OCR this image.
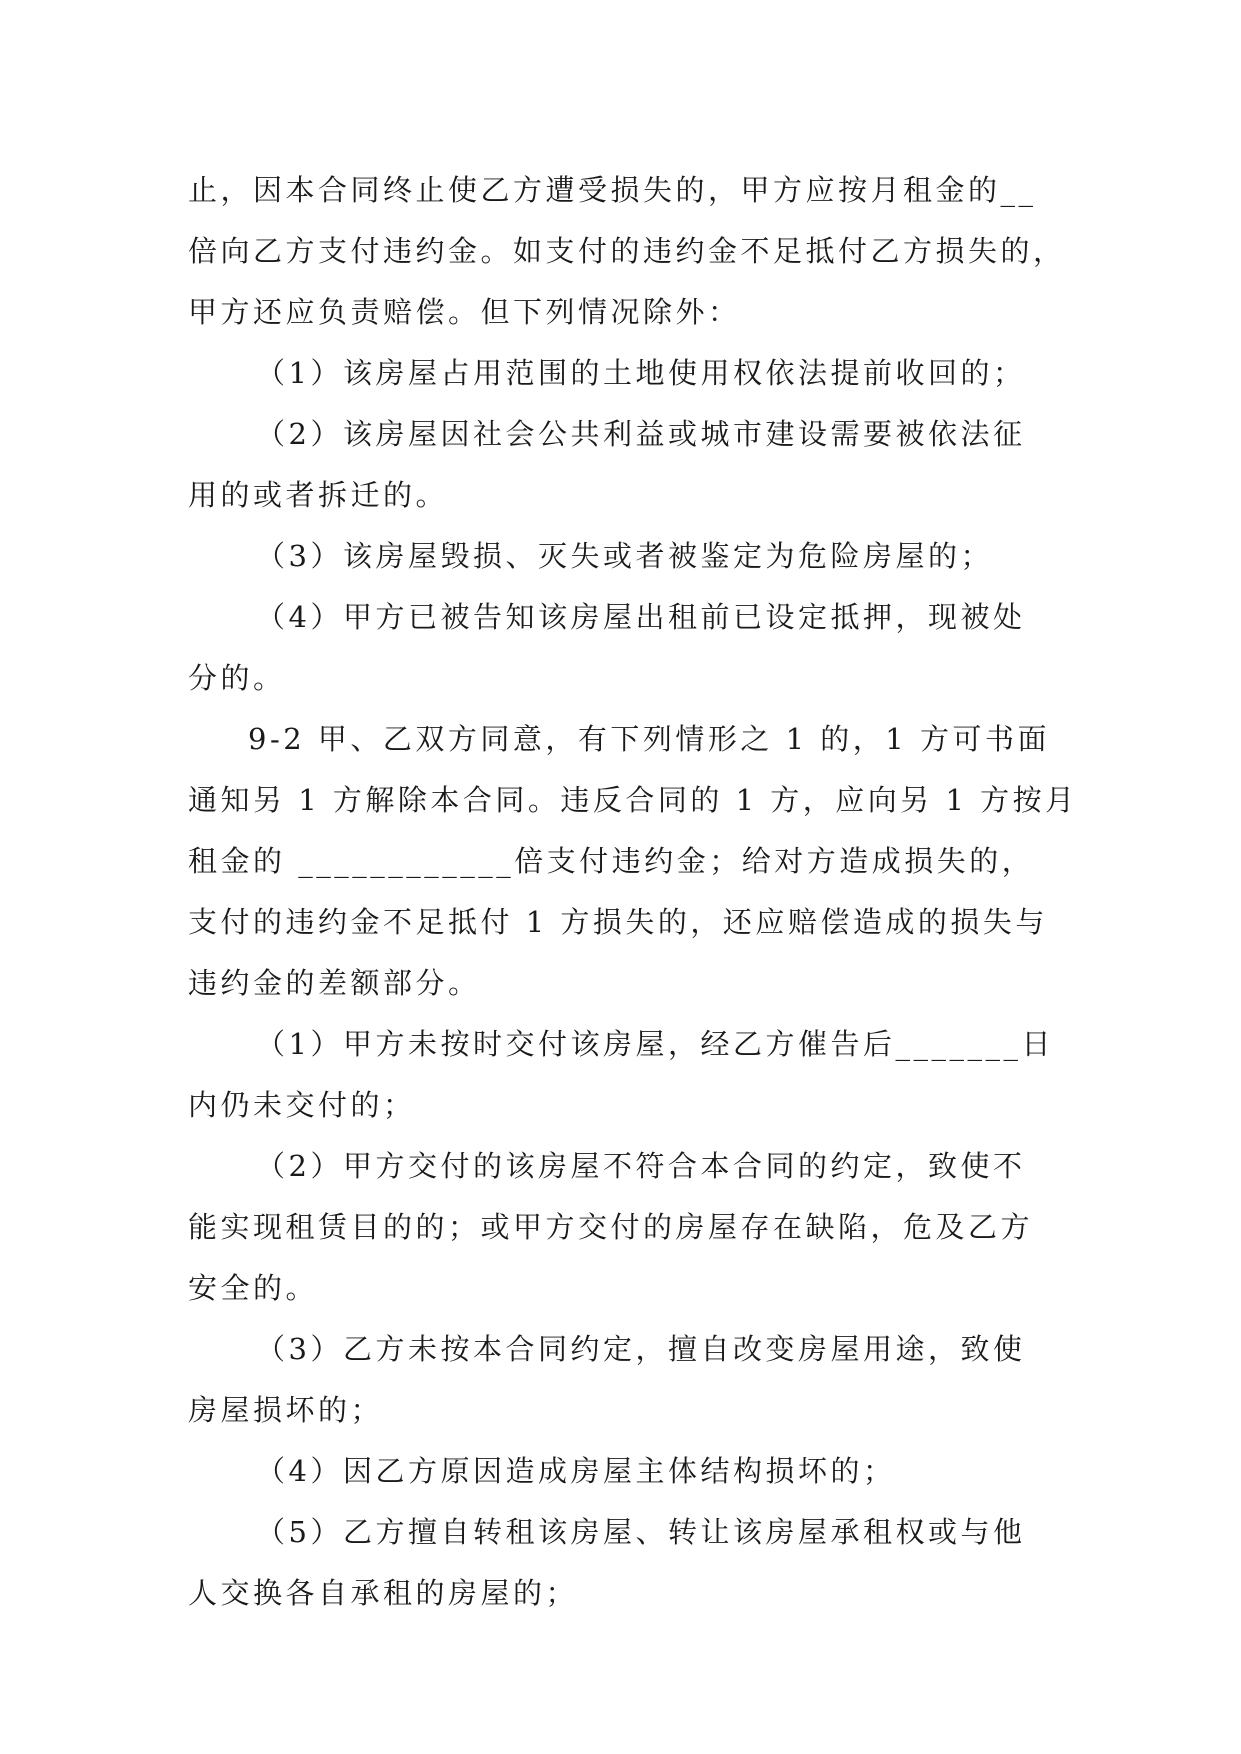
止，因本合同终止使乙方遭受损失的，甲方应按月租金的__
倍向乙方支付违约金。如支付的违约金不足抵付乙方损失的，
甲方还应负责赔偿。但下列情况除外：
（1）该房屋占用范围的土地使用权依法提前收回的；
（2）该房屋因社会公共利益或城市建设需要被依法征
用的或者拆迁的。
（3）该房屋毁损、灭失或者被鉴定为危险房屋的；
（4）甲方已被告知该房屋出租前已设定抵押，现被处
分的。
9-2 甲、乙双方同意，有下列情形之 1 的，1 方可书面
通知另 1 方解除本合同。违反合同的 1 方，应向另 1 方按月
租金的 ____________倍支付违约金；给对方造成损失的，
支付的违约金不足抵付 1 方损失的，还应赔偿造成的损失与
违约金的差额部分。
（1）甲方未按时交付该房屋，经乙方催告后_______日
内仍未交付的；
（2）甲方交付的该房屋不符合本合同的约定，致使不
能实现租赁目的的；或甲方交付的房屋存在缺陷，危及乙方
安全的。
（3）乙方未按本合同约定，擅自改变房屋用途，致使
房屋损坏的；
（4）因乙方原因造成房屋主体结构损坏的；
（5）乙方擅自转租该房屋、转让该房屋承租权或与他
人交换各自承租的房屋的；
